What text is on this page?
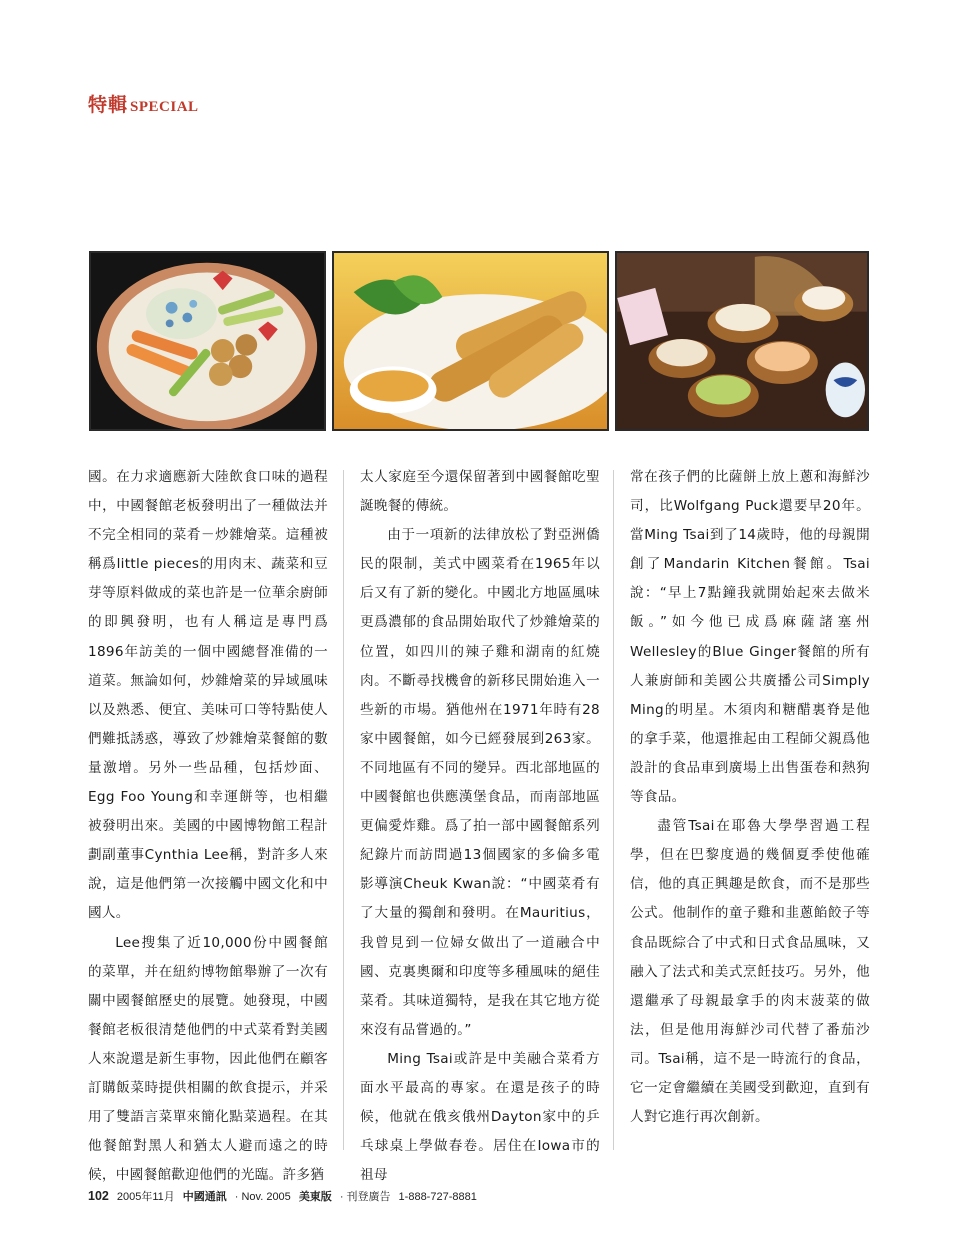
特輯 SPECIAL

國。在力求適應新大陸飲食口味的過程中，中國餐館老板發明出了一種做法并不完全相同的菜肴－炒雜燴菜。這種被稱爲little pieces的用肉末、蔬菜和豆芽等原料做成的菜也許是一位華余廚師的即興發明，也有人稱這是專門爲1896年訪美的一個中國總督准備的一道菜。無論如何，炒雜燴菜的异域風味以及熟悉、便宜、美味可口等特點使人們難抵誘惑，導致了炒雜燴菜餐館的數量激增。另外一些品種，包括炒面、Egg Foo Young和幸運餅等，也相繼被發明出來。美國的中國博物館工程計劃副董事Cynthia Lee稱，對許多人來說，這是他們第一次接觸中國文化和中國人。

Lee搜集了近10,000份中國餐館的菜單，并在紐約博物館舉辦了一次有關中國餐館歷史的展覽。她發現，中國餐館老板很清楚他們的中式菜肴對美國人來說還是新生事物，因此他們在顧客訂購飯菜時提供相關的飲食提示，并采用了雙語言菜單來簡化點菜過程。在其他餐館對黑人和猶太人避而遠之的時候，中國餐館歡迎他們的光臨。許多猶

太人家庭至今還保留著到中國餐館吃聖誕晚餐的傳統。

由于一項新的法律放松了對亞洲僑民的限制，美式中國菜肴在1965年以后又有了新的變化。中國北方地區風味更爲濃郁的食品開始取代了炒雜燴菜的位置，如四川的辣子雞和湖南的紅燒肉。不斷尋找機會的新移民開始進入一些新的市場。猶他州在1971年時有28家中國餐館，如今已經發展到263家。不同地區有不同的變异。西北部地區的中國餐館也供應漢堡食品，而南部地區更偏愛炸雞。爲了拍一部中國餐館系列紀錄片而訪問過13個國家的多倫多電影導演Cheuk Kwan說：“中國菜肴有了大量的獨創和發明。在Mauritius，我曾見到一位婦女做出了一道融合中國、克裏奧爾和印度等多種風味的絕佳菜肴。其味道獨特，是我在其它地方從來沒有品嘗過的。”

Ming Tsai或許是中美融合菜肴方面水平最高的專家。在還是孩子的時候，他就在俄亥俄州Dayton家中的乒乓球桌上學做春卷。居住在Iowa市的祖母

常在孩子們的比薩餅上放上蔥和海鮮沙司，比Wolfgang Puck還要早20年。當Ming Tsai到了14歲時，他的母親開創了Mandarin Kitchen餐館。Tsai說：“早上7點鐘我就開始起來去做米飯。”如今他已成爲麻薩諸塞州Wellesley的Blue Ginger餐館的所有人兼廚師和美國公共廣播公司Simply Ming的明星。木須肉和糖醋裏脊是他的拿手菜，他還推起由工程師父親爲他設計的食品車到廣場上出售蛋卷和熱狗等食品。

盡管Tsai在耶魯大學學習過工程學，但在巴黎度過的幾個夏季使他確信，他的真正興趣是飲食，而不是那些公式。他制作的童子雞和韭蔥餡餃子等食品既綜合了中式和日式食品風味，又融入了法式和美式烹飪技巧。另外，他還繼承了母親最拿手的肉末菠菜的做法，但是他用海鮮沙司代替了番茄沙司。Tsai稱，這不是一時流行的食品，它一定會繼續在美國受到歡迎，直到有人對它進行再次創新。

102 2005年11月 中國通訊 · Nov. 2005 美東版 · 刊登廣告 1-888-727-8881
